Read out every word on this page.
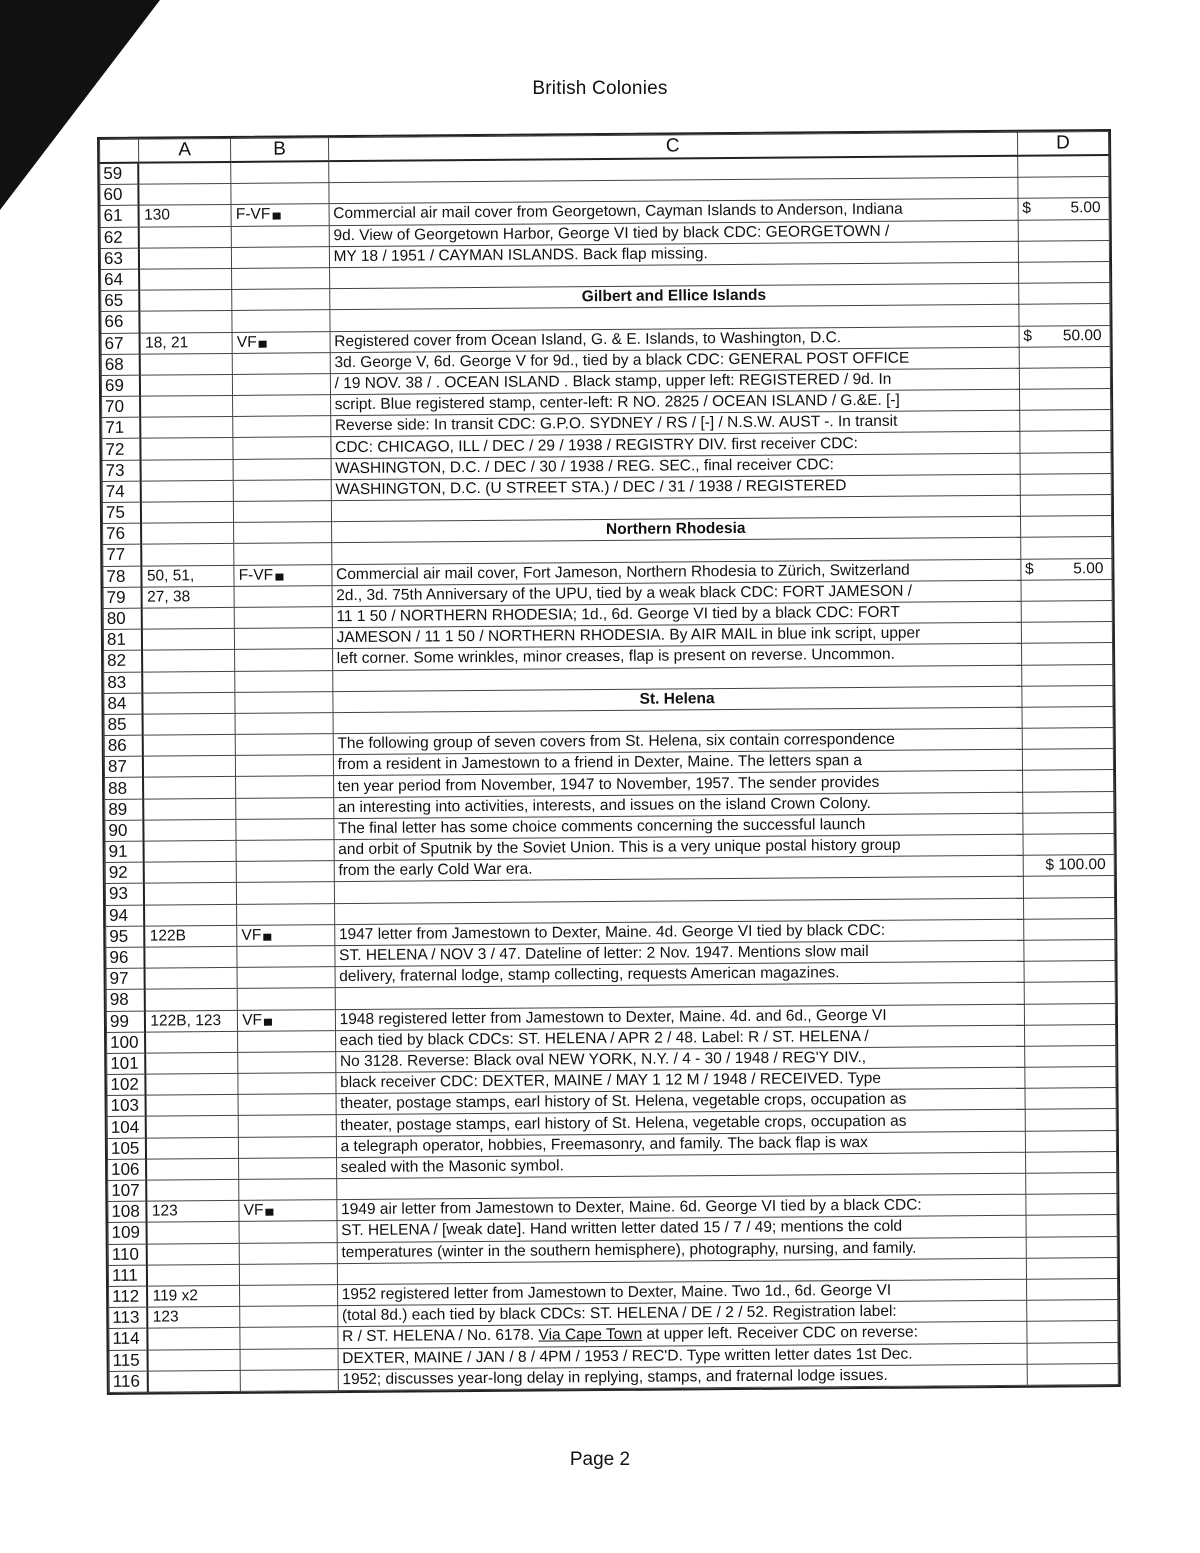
British Colonies
	A	B	C	D
59				
60				
61	130	F-VF	Commercial air mail cover from Georgetown, Cayman Islands to Anderson, Indiana	$ 5.00

62			9d. View of Georgetown Harbor, George VI tied by black CDC: GEORGETOWN /	
63			MY 18 / 1951 / CAYMAN ISLANDS. Back flap missing.	
64				
65			Gilbert and Ellice Islands	
66				
67	18, 21	VF	Registered cover from Ocean Island, G. & E. Islands, to Washington, D.C.	$ 50.00

68			3d. George V, 6d. George V for 9d., tied by a black CDC: GENERAL POST OFFICE	
69			/ 19 NOV. 38 / . OCEAN ISLAND . Black stamp, upper left: REGISTERED / 9d. In	
70			script. Blue registered stamp, center-left: R NO. 2825 / OCEAN ISLAND / G.&E. [-]	
71			Reverse side: In transit CDC: G.P.O. SYDNEY / RS / [-] / N.S.W. AUST -. In transit	
72			CDC: CHICAGO, ILL / DEC / 29 / 1938 / REGISTRY DIV. first receiver CDC:	
73			WASHINGTON, D.C. / DEC / 30 / 1938 / REG. SEC., final receiver CDC:	
74			WASHINGTON, D.C. (U STREET STA.) / DEC / 31 / 1938 / REGISTERED	
75				
76			Northern Rhodesia	
77				
78	50, 51,	F-VF	Commercial air mail cover, Fort Jameson, Northern Rhodesia to Zürich, Switzerland	$ 5.00

79	27, 38		2d., 3d. 75th Anniversary of the UPU, tied by a weak black CDC: FORT JAMESON /	
80			11 1 50 / NORTHERN RHODESIA; 1d., 6d. George VI tied by a black CDC: FORT	
81			JAMESON / 11 1 50 / NORTHERN RHODESIA. By AIR MAIL in blue ink script, upper	
82			left corner. Some wrinkles, minor creases, flap is present on reverse. Uncommon.	
83				
84			St. Helena	
85				
86			The following group of seven covers from St. Helena, six contain correspondence	
87			from a resident in Jamestown to a friend in Dexter, Maine. The letters span a	
88			ten year period from November, 1947 to November, 1957. The sender provides	
89			an interesting into activities, interests, and issues on the island Crown Colony.	
90			The final letter has some choice comments concerning the successful launch	
91			and orbit of Sputnik by the Soviet Union. This is a very unique postal history group	
92			from the early Cold War era.	$ 100.00
93				
94				
95	122B	VF	1947 letter from Jamestown to Dexter, Maine. 4d. George VI tied by black CDC:	
96			ST. HELENA / NOV 3 / 47. Dateline of letter: 2 Nov. 1947. Mentions slow mail	
97			delivery, fraternal lodge, stamp collecting, requests American magazines.	
98				
99	122B, 123	VF	1948 registered letter from Jamestown to Dexter, Maine. 4d. and 6d., George VI	
100			each tied by black CDCs: ST. HELENA / APR 2 / 48. Label: R / ST. HELENA /	
101			No 3128. Reverse: Black oval NEW YORK, N.Y. / 4 - 30 / 1948 / REG'Y DIV.,	
102			black receiver CDC: DEXTER, MAINE / MAY 1 12 M / 1948 / RECEIVED. Type	
103			theater, postage stamps, earl history of St. Helena, vegetable crops, occupation as	
104			theater, postage stamps, earl history of St. Helena, vegetable crops, occupation as	
105			a telegraph operator, hobbies, Freemasonry, and family. The back flap is wax	
106			sealed with the Masonic symbol.	
107				
108	123	VF	1949 air letter from Jamestown to Dexter, Maine. 6d. George VI tied by a black CDC:	
109			ST. HELENA / [weak date]. Hand written letter dated 15 / 7 / 49; mentions the cold	
110			temperatures (winter in the southern hemisphere), photography, nursing, and family.	
111				
112	119 x2		1952 registered letter from Jamestown to Dexter, Maine. Two 1d., 6d. George VI	
113	123		(total 8d.) each tied by black CDCs: ST. HELENA / DE / 2 / 52. Registration label:	
114			R / ST. HELENA / No. 6178. Via Cape Town at upper left. Receiver CDC on reverse:	
115			DEXTER, MAINE / JAN / 8 / 4PM / 1953 / REC'D. Type written letter dates 1st Dec.	
116			1952; discusses year-long delay in replying, stamps, and fraternal lodge issues.	
Page 2
